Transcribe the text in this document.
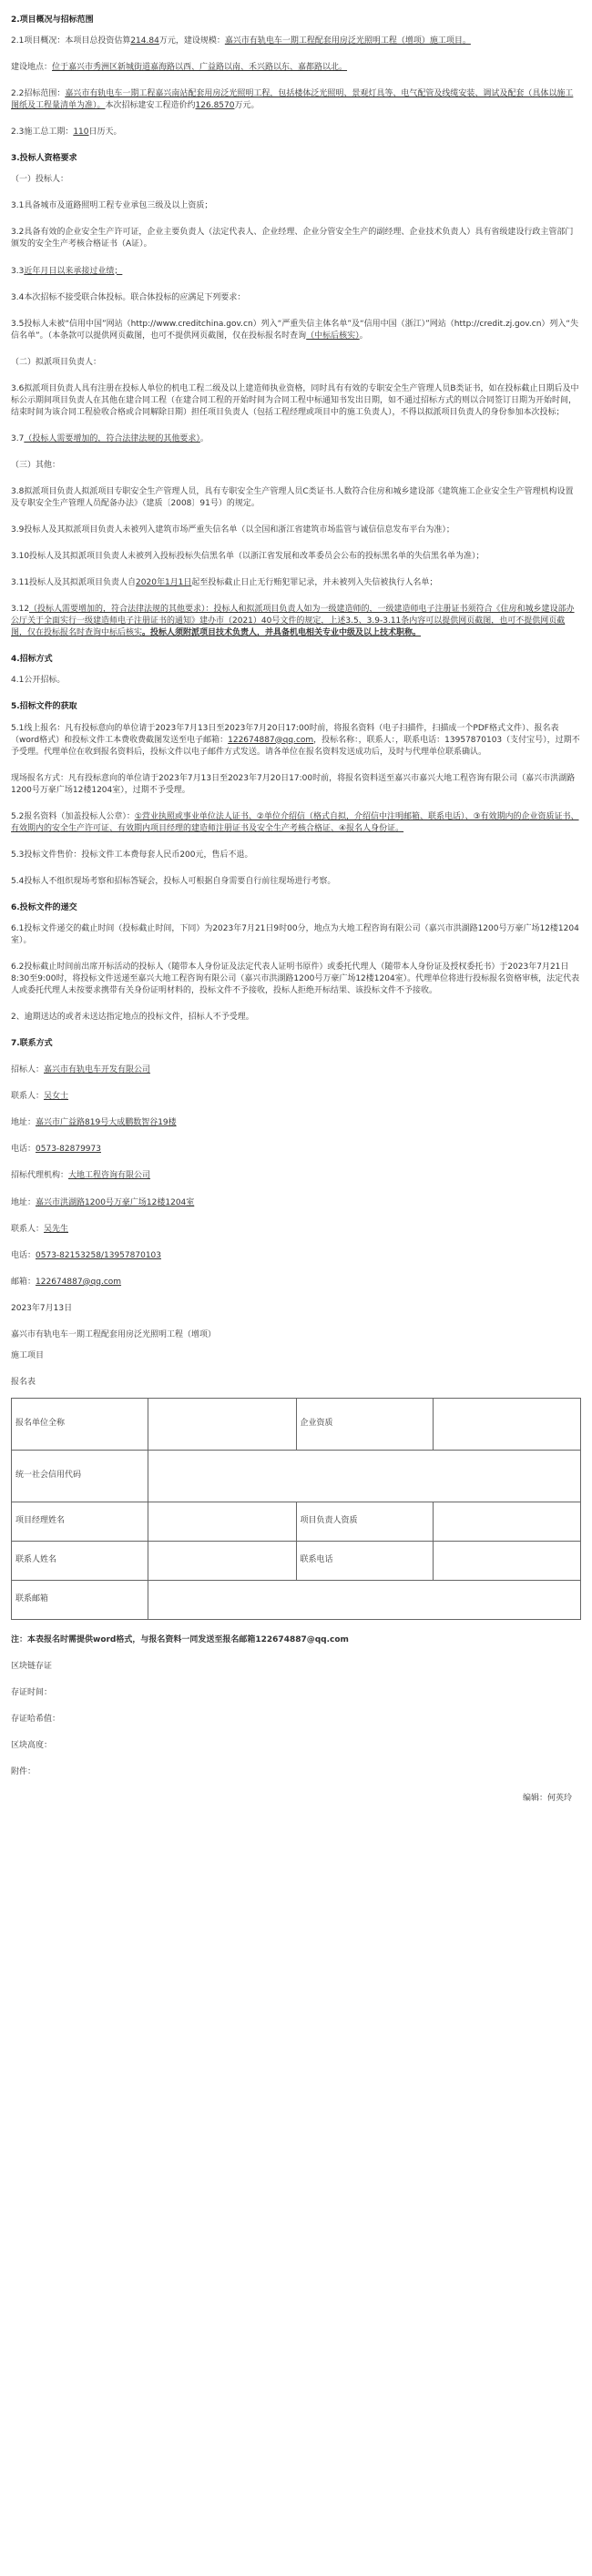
2.项目概况与招标范围
2.1项目概况：本项目总投资估算214.84万元，建设规模：嘉兴市有轨电车一期工程配套用房泛光照明工程（增项）施工项目。
建设地点：位于嘉兴市秀洲区新城街道嘉海路以西、广益路以南、禾兴路以东、嘉都路以北。
2.2招标范围：嘉兴市有轨电车一期工程嘉兴南站配套用房泛光照明工程，包括楼体泛光照明、景观灯具等、电气配管及线缆安装、调试及配套（具体以施工图纸及工程量清单为准）。本次招标建安工程造价约126.8570万元。
2.3施工总工期：110日历天。
3.投标人资格要求
（一）投标人：
3.1具备城市及道路照明工程专业承包三级及以上资质；
3.2具备有效的企业安全生产许可证，企业主要负责人（法定代表人、企业经理、企业分管安全生产的副经理、企业技术负责人）具有省级建设行政主管部门颁发的安全生产考核合格证书（A证）。
3.3近年月日以来承接过业绩；
3.4本次招标不接受联合体投标。联合体投标的应满足下列要求：
3.5投标人未被“信用中国”网站（http://www.creditchina.gov.cn）列入“严重失信主体名单”及“信用中国（浙江）”网站（http://credit.zj.gov.cn）列入“失信名单”。（本条款可以提供网页截图，也可不提供网页截图，仅在投标报名时查询（中标后核实）。
（二）拟派项目负责人：
3.6拟派项目负责人具有注册在投标人单位的机电工程二级及以上建造师执业资格，同时具有有效的专职安全生产管理人员B类证书，如在投标截止日期后及中标公示期间项目负责人在其他在建合同工程（在建合同工程的开始时间为合同工程中标通知书发出日期，如不通过招标方式的则以合同签订日期为开始时间，结束时间为该合同工程验收合格或合同解除日期）担任项目负责人（包括工程经理或项目中的施工负责人），不得以拟派项目负责人的身份参加本次投标；
3.7（投标人需要增加的，符合法律法规的其他要求）。
（三）其他：
3.8拟派项目负责人拟派项目专职安全生产管理人员，具有专职安全生产管理人员C类证书.人数符合住房和城乡建设部《建筑施工企业安全生产管理机构设置及专职安全生产管理人员配备办法》（建质〔2008〕91号）的规定。
3.9投标人及其拟派项目负责人未被列入建筑市场严重失信名单（以全国和浙江省建筑市场监管与诚信信息发布平台为准）；
3.10投标人及其拟派项目负责人未被列入投标投标失信黑名单（以浙江省发展和改革委员会公布的投标黑名单的失信黑名单为准）；
3.11投标人及其拟派项目负责人自2020年1月1日起至投标截止日止无行贿犯罪记录，并未被列入失信被执行人名单；
3.12（投标人需要增加的，符合法律法规的其他要求）：投标人和拟派项目负责人如为一级建造师的，一级建造师电子注册证书须符合《住房和城乡建设部办公厅关于全面实行一级建造师电子注册证书的通知》建办市（2021）40号文件的规定，上述3.5、3.9-3.11条内容可以提供网页截图，也可不提供网页截图，仅在投标报名时查询中标后核实。投标人须附派项目技术负责人，并具备机电相关专业中级及以上技术职称。
4.招标方式
4.1公开招标。
5.招标文件的获取
5.1线上报名：凡有投标意向的单位请于2023年7月13日至2023年7月20日17:00时前，将报名资料（电子扫描件，扫描成一个PDF格式文件）、报名表（word格式）和投标文件工本费收费截图发送至电子邮箱：122674887@qq.com，投标名称：，联系人：，联系电话：13957870103（支付宝号），过期不予受理。代理单位在收到报名资料后，投标文件以电子邮件方式发送。请各单位在报名资料发送成功后，及时与代理单位联系确认。
现场报名方式：凡有投标意向的单位请于2023年7月13日至2023年7月20日17:00时前，将报名资料送至嘉兴市嘉兴大地工程咨询有限公司（嘉兴市洪湖路1200号万豪广场12楼1204室），过期不予受理。
5.2报名资料（加盖投标人公章）：①营业执照或事业单位法人证书、②单位介绍信（格式自拟，介绍信中注明邮箱、联系电话）、③有效期内的企业资质证书、有效期内的安全生产许可证、有效期内项目经理的建造师注册证书及安全生产考核合格证、④报名人身份证。
5.3投标文件售价：投标文件工本费每套人民币200元，售后不退。
5.4投标人不组织现场考察和招标答疑会，投标人可根据自身需要自行前往现场进行考察。
6.投标文件的递交
6.1投标文件递交的截止时间（投标截止时间，下同）为2023年7月21日9时00分，地点为大地工程咨询有限公司（嘉兴市洪湖路1200号万豪广场12楼1204室）。
6.2投标截止时间前出席开标活动的投标人（随带本人身份证及法定代表人证明书原件）或委托代理人（随带本人身份证及授权委托书）于2023年7月21日8:30至9:00时，将投标文件送递至嘉兴大地工程咨询有限公司（嘉兴市洪湖路1200号万豪广场12楼1204室）。代理单位将进行投标报名资格审核，法定代表人或委托代理人未按要求携带有关身份证明材料的，投标文件不予接收，投标人拒绝开标结果、该投标文件不予接收。
2、逾期送达的或者未送达指定地点的投标文件，招标人不予受理。
7.联系方式
招标人：嘉兴市有轨电车开发有限公司
联系人：吴女士
地址：嘉兴市广益路819号大成鹏数智谷19楼
电话：0573-82879973
招标代理机构：大地工程咨询有限公司
地址：嘉兴市洪湖路1200号万豪广场12楼1204室
联系人：吴先生
电话：0573-82153258/13957870103
邮箱：122674887@qq.com
2023年7月13日
嘉兴市有轨电车一期工程配套用房泛光照明工程（增项）
施工项目
报名表
报名单位全称		企业资质	
统一社会信用代码			
项目经理姓名		项目负责人资质	
联系人姓名		联系电话	
联系邮箱			
注：本表报名时需提供word格式，与报名资料一同发送至报名邮箱122674887@qq.com
区块链存证
存证时间：
存证哈希值：
区块高度：
附件：
编辑：何英玲
